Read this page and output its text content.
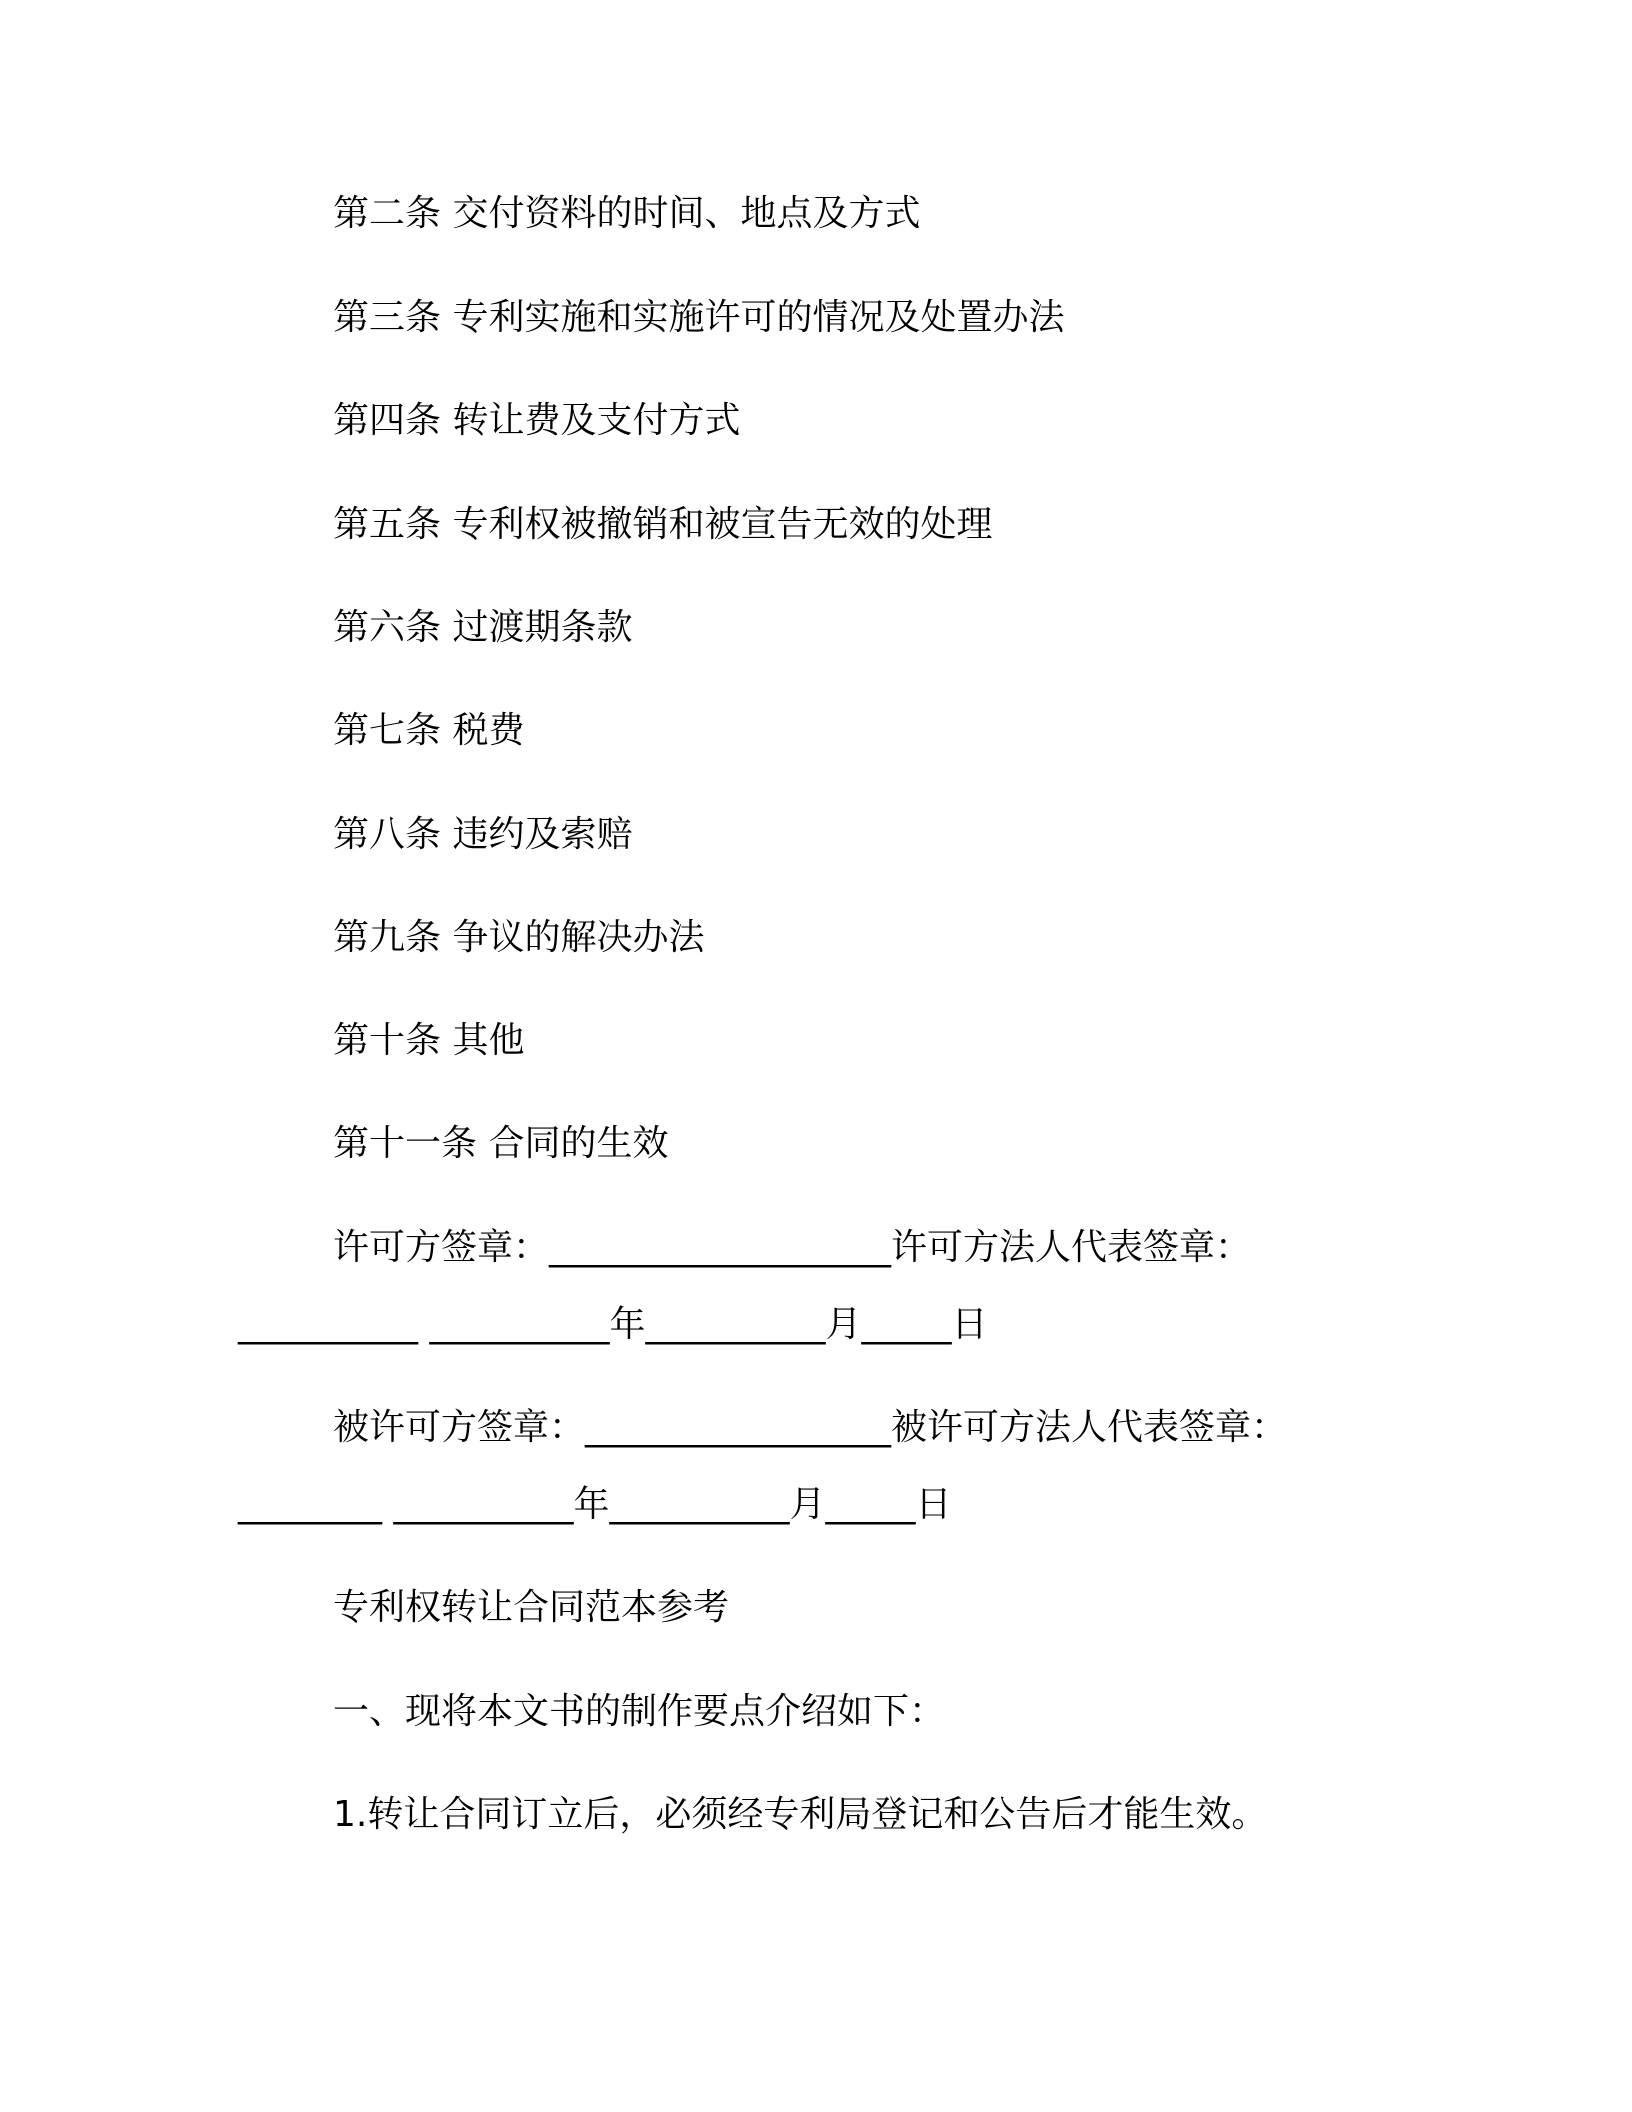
第二条 交付资料的时间、地点及方式

第三条 专利实施和实施许可的情况及处置办法

第四条 转让费及支付方式

第五条 专利权被撤销和被宣告无效的处理

第六条 过渡期条款

第七条 税费

第八条 违约及索赔

第九条 争议的解决办法

第十条 其他

第十一条 合同的生效

许可方签章：___________________许可方法人代表签章：

__________ __________年__________月_____日

被许可方签章：_________________被许可方法人代表签章：

________ __________年__________月_____日

专利权转让合同范本参考

一、现将本文书的制作要点介绍如下：

1.转让合同订立后，必须经专利局登记和公告后才能生效。
